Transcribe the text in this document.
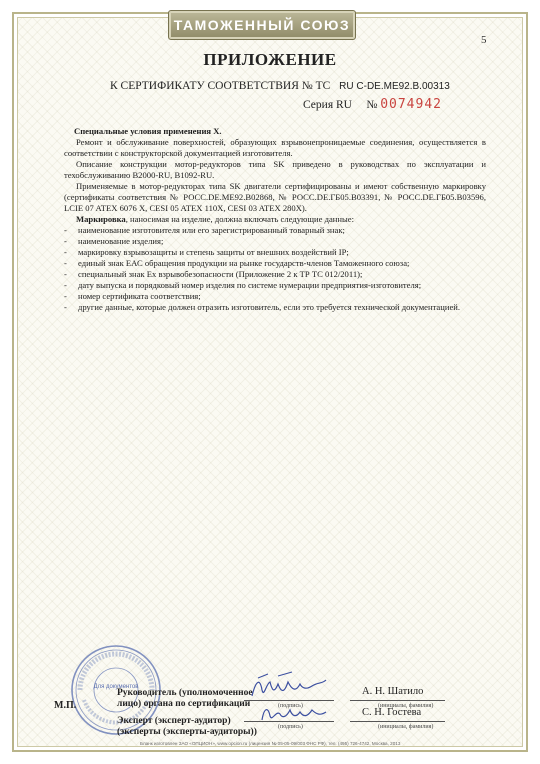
ТАМОЖЕННЫЙ СОЮЗ
5
ПРИЛОЖЕНИЕ
К СЕРТИФИКАТУ СООТВЕТСТВИЯ № ТС RU C-DE.ME92.B.00313
Серия RU № 0074942

Специальные условия применения X.

Ремонт и обслуживание поверхностей, образующих взрывонепроницаемые соединения, осуществляется в соответствии с конструкторской документацией изготовителя.

Описание конструкции мотор-редукторов типа SK приведено в руководствах по эксплуатации и техобслуживанию B2000-RU, B1092-RU.

Применяемые в мотор-редукторах типа SK двигатели сертифицированы и имеют собственную маркировку (сертификаты соответствия № РОСС.DE.ME92.B02868, № РОСС.DE.ГБ05.B03391, № РОСС.DE.ГБ05.B03596, LCIE 07 ATEX 6076 X, CESI 05 ATEX 110X, CESI 03 ATEX 280X).

Маркировка, наносимая на изделие, должна включать следующие данные:

- наименование изготовителя или его зарегистрированный товарный знак;
- наименование изделия;
- маркировку взрывозащиты и степень защиты от внешних воздействий IP;
- единый знак ЕАС обращения продукции на рынке государств-членов Таможенного союза;
- специальный знак Ex взрывобезопасности (Приложение 2 к ТР ТС 012/2011);
- дату выпуска и порядковый номер изделия по системе нумерации предприятия-изготовителя;
- номер сертификата соответствия;
- другие данные, которые должен отразить изготовитель, если это требуется технической документацией.
Для документов
М.П.
Руководитель (уполномоченное
лицо) органа по сертификации	(подпись)
А. Н. Шатило
(инициалы, фамилия)
Эксперт (эксперт-аудитор)
(эксперты (эксперты-аудиторы))	(подпись)
С. Н. Гостева
(инициалы, фамилия)
Бланк изготовлен ЗАО «ОПЦИОН», www.opcion.ru (лицензия № 05-05-09/003 ФНС РФ), тел. (495) 726-4742, Москва, 2013
